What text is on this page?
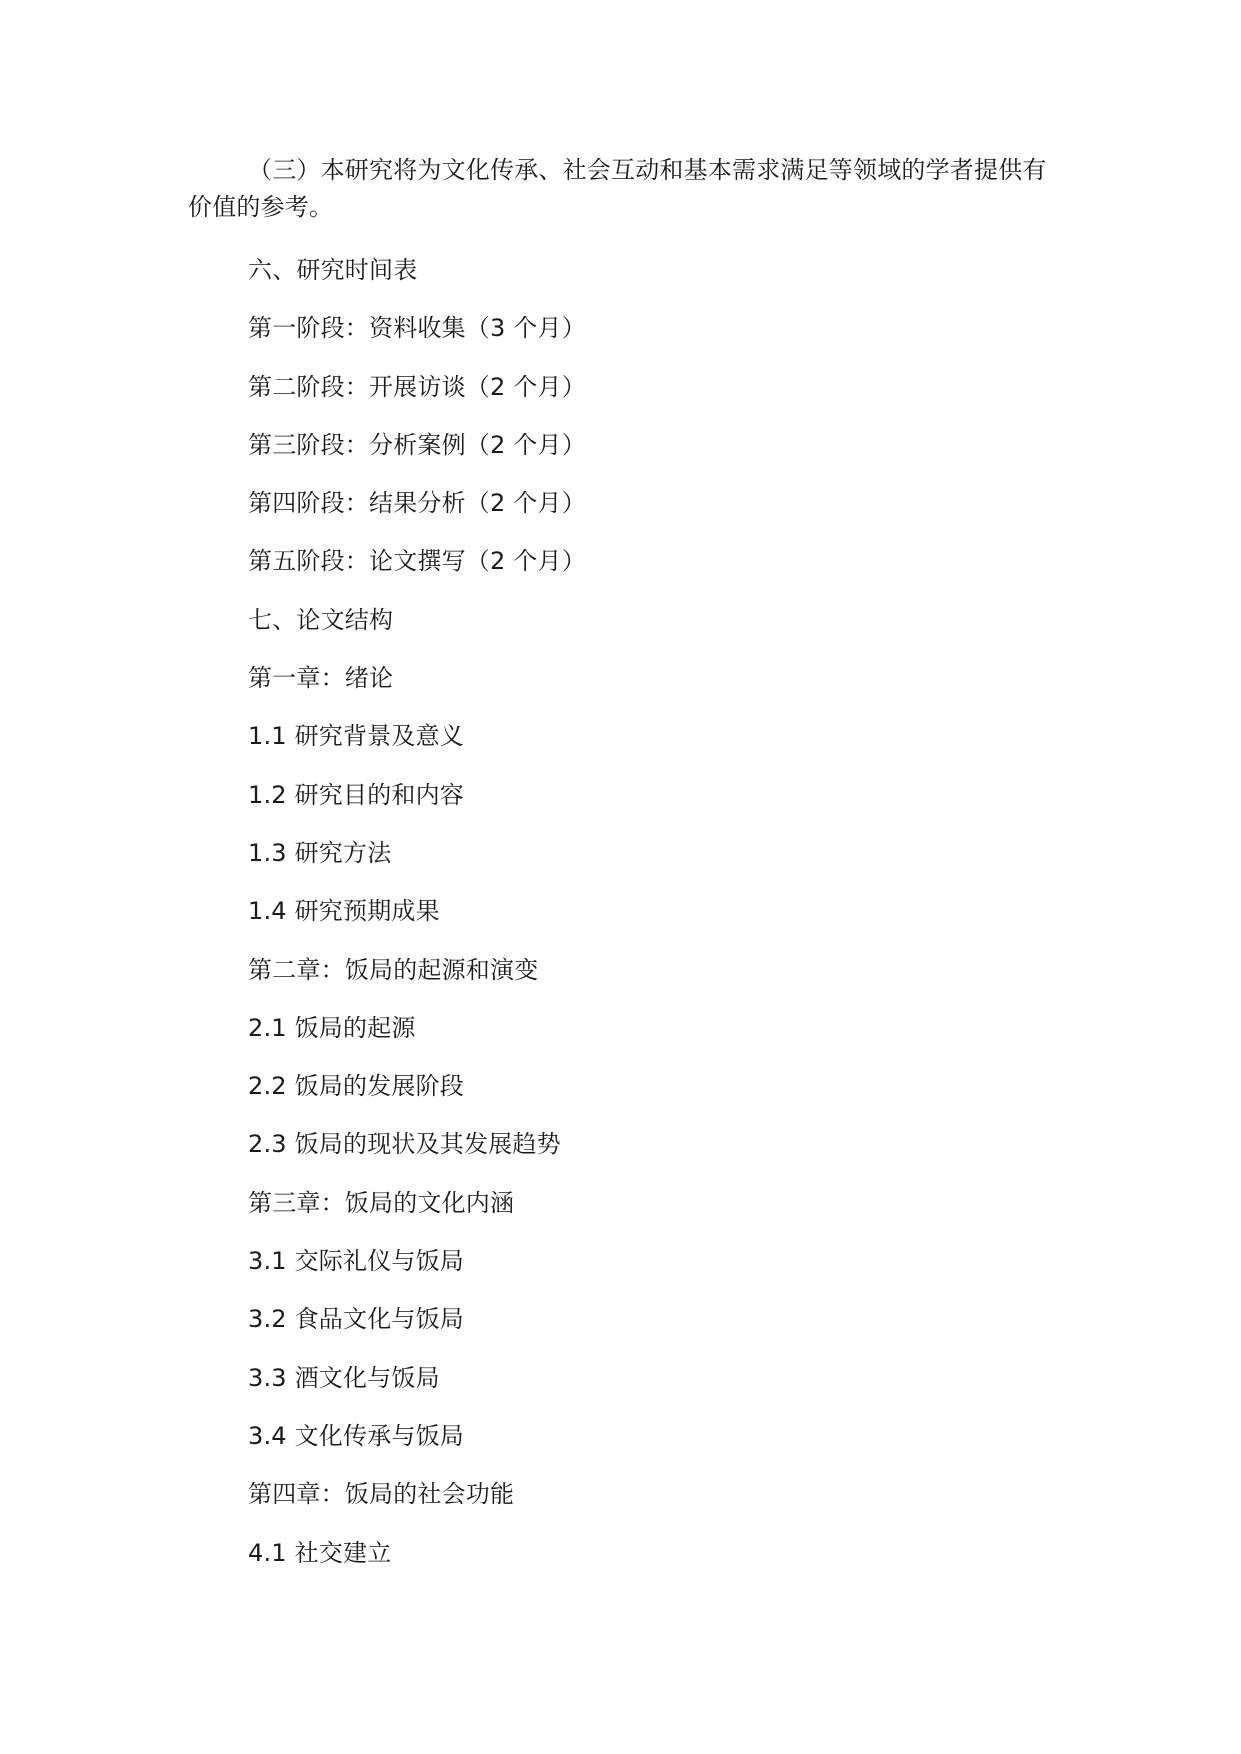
（三）本研究将为文化传承、社会互动和基本需求满足等领域的学者提供有价值的参考。

六、研究时间表
第一阶段：资料收集（3 个月）
第二阶段：开展访谈（2 个月）
第三阶段：分析案例（2 个月）
第四阶段：结果分析（2 个月）
第五阶段：论文撰写（2 个月）
七、论文结构
第一章：绪论
1.1 研究背景及意义
1.2 研究目的和内容
1.3 研究方法
1.4 研究预期成果
第二章：饭局的起源和演变
2.1 饭局的起源
2.2 饭局的发展阶段
2.3 饭局的现状及其发展趋势
第三章：饭局的文化内涵
3.1 交际礼仪与饭局
3.2 食品文化与饭局
3.3 酒文化与饭局
3.4 文化传承与饭局
第四章：饭局的社会功能
4.1 社交建立
